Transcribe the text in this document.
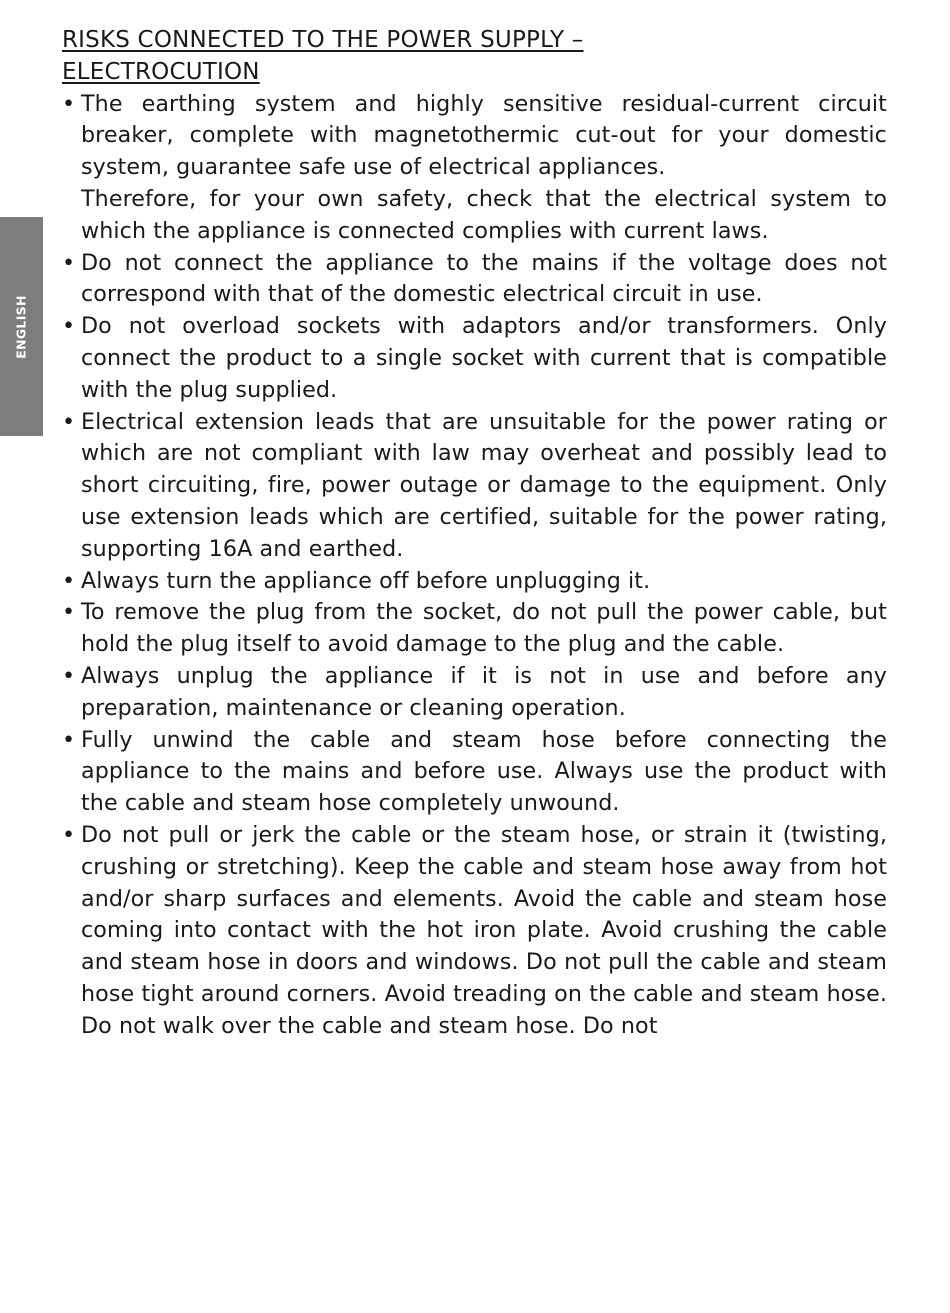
ENGLISH
RISKS CONNECTED TO THE POWER SUPPLY – ELECTROCUTION
• The earthing system and highly sensitive residual-current circuit breaker, complete with magnetothermic cut-out for your domestic system, guarantee safe use of electrical appliances.

Therefore, for your own safety, check that the electrical system to which the appliance is connected complies with current laws.

• Do not connect the appliance to the mains if the voltage does not correspond with that of the domestic electrical circuit in use.

• Do not overload sockets with adaptors and/or transformers. Only connect the product to a single socket with current that is compatible with the plug supplied.

• Electrical extension leads that are unsuitable for the power rating or which are not compliant with law may overheat and possibly lead to short circuiting, fire, power outage or damage to the equipment. Only use extension leads which are certified, suitable for the power rating, supporting 16A and earthed.

• Always turn the appliance off before unplugging it.

• To remove the plug from the socket, do not pull the power cable, but hold the plug itself to avoid damage to the plug and the cable.

• Always unplug the appliance if it is not in use and before any preparation, maintenance or cleaning operation.

• Fully unwind the cable and steam hose before connecting the appliance to the mains and before use. Always use the product with the cable and steam hose completely unwound.

• Do not pull or jerk the cable or the steam hose, or strain it (twisting, crushing or stretching). Keep the cable and steam hose away from hot and/or sharp surfaces and elements. Avoid the cable and steam hose coming into contact with the hot iron plate. Avoid crushing the cable and steam hose in doors and windows. Do not pull the cable and steam hose tight around corners. Avoid treading on the cable and steam hose. Do not walk over the cable and steam hose. Do not
